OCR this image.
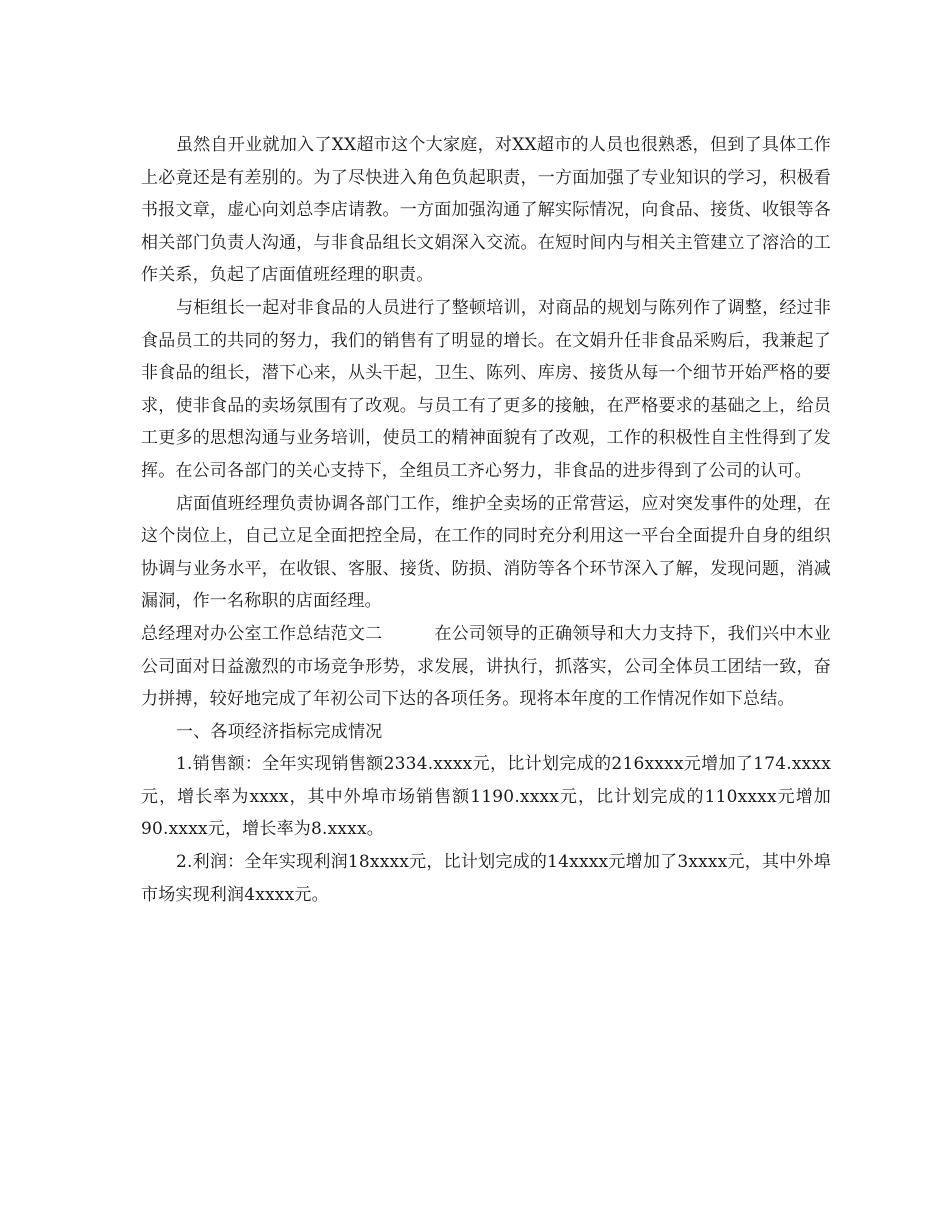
虽然自开业就加入了XX超市这个大家庭，对XX超市的人员也很熟悉，但到了具体工作上必竟还是有差别的。为了尽快进入角色负起职责，一方面加强了专业知识的学习，积极看书报文章，虚心向刘总李店请教。一方面加强沟通了解实际情况，向食品、接货、收银等各相关部门负责人沟通，与非食品组长文娟深入交流。在短时间内与相关主管建立了溶洽的工作关系，负起了店面值班经理的职责。

与柜组长一起对非食品的人员进行了整顿培训，对商品的规划与陈列作了调整，经过非食品员工的共同的努力，我们的销售有了明显的增长。在文娟升任非食品采购后，我兼起了非食品的组长，潜下心来，从头干起，卫生、陈列、库房、接货从每一个细节开始严格的要求，使非食品的卖场氛围有了改观。与员工有了更多的接触，在严格要求的基础之上，给员工更多的思想沟通与业务培训，使员工的精神面貌有了改观，工作的积极性自主性得到了发挥。在公司各部门的关心支持下，全组员工齐心努力，非食品的进步得到了公司的认可。

店面值班经理负责协调各部门工作，维护全卖场的正常营运，应对突发事件的处理，在这个岗位上，自己立足全面把控全局，在工作的同时充分利用这一平台全面提升自身的组织协调与业务水平，在收银、客服、接货、防损、消防等各个环节深入了解，发现问题，消减漏洞，作一名称职的店面经理。

总经理对办公室工作总结范文二	在公司领导的正确领导和大力支持下，我们兴中木业公司面对日益激烈的市场竞争形势，求发展，讲执行，抓落实，公司全体员工团结一致，奋力拼搏，较好地完成了年初公司下达的各项任务。现将本年度的工作情况作如下总结。

一、各项经济指标完成情况

1.销售额：全年实现销售额2334.xxxx元，比计划完成的216xxxx元增加了174.xxxx元，增长率为xxxx，其中外埠市场销售额1190.xxxx元，比计划完成的110xxxx元增加90.xxxx元，增长率为8.xxxx。

2.利润：全年实现利润18xxxx元，比计划完成的14xxxx元增加了3xxxx元，其中外埠市场实现利润4xxxx元。
